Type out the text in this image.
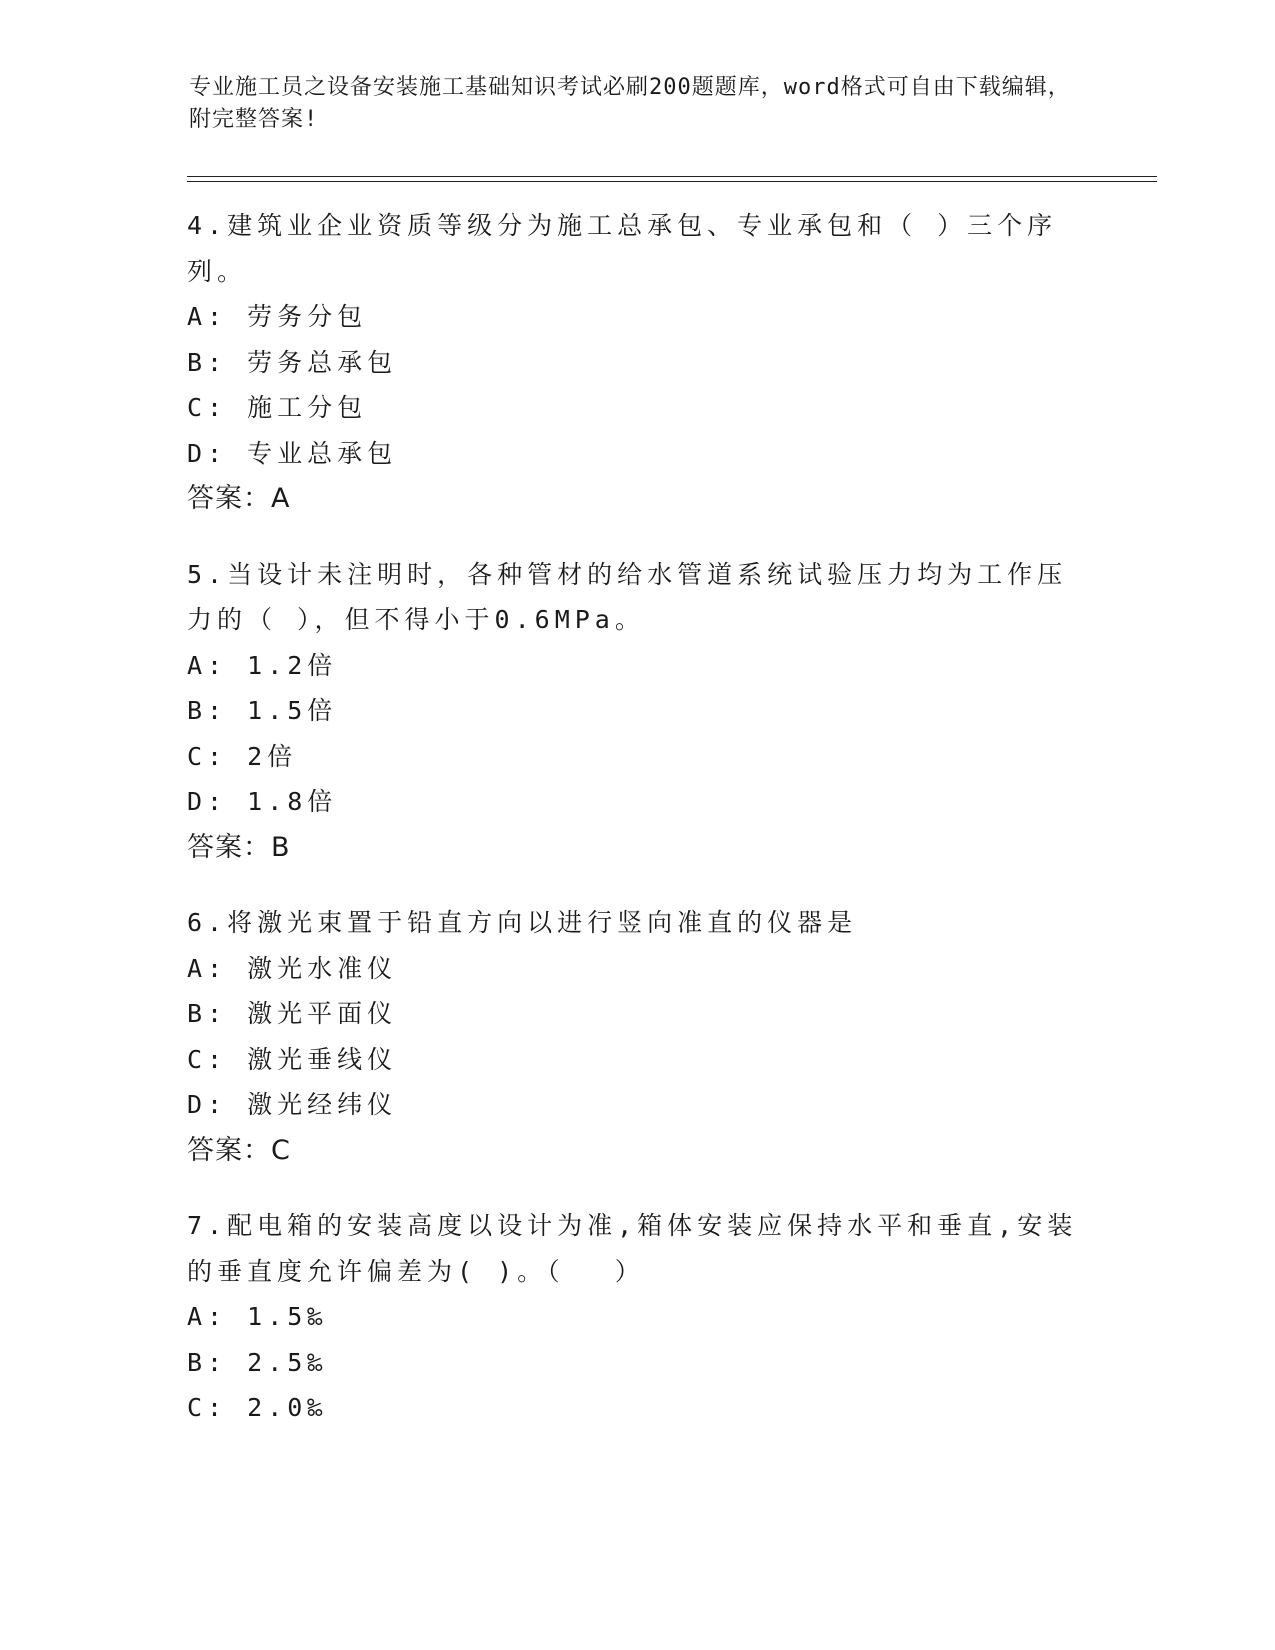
专业施工员之设备安装施工基础知识考试必刷200题题库，word格式可自由下载编辑，附完整答案!
4.建筑业企业资质等级分为施工总承包、专业承包和（ ）三个序列。
A: 劳务分包
B: 劳务总承包
C: 施工分包
D: 专业总承包
答案：A
5.当设计未注明时，各种管材的给水管道系统试验压力均为工作压力的（ ），但不得小于0.6MPa。
A: 1.2倍
B: 1.5倍
C: 2倍
D: 1.8倍
答案：B
6.将激光束置于铅直方向以进行竖向准直的仪器是
A: 激光水准仪
B: 激光平面仪
C: 激光垂线仪
D: 激光经纬仪
答案：C
7.配电箱的安装高度以设计为准,箱体安装应保持水平和垂直,安装的垂直度允许偏差为( )。（　 ）
A: 1.5‰
B: 2.5‰
C: 2.0‰
